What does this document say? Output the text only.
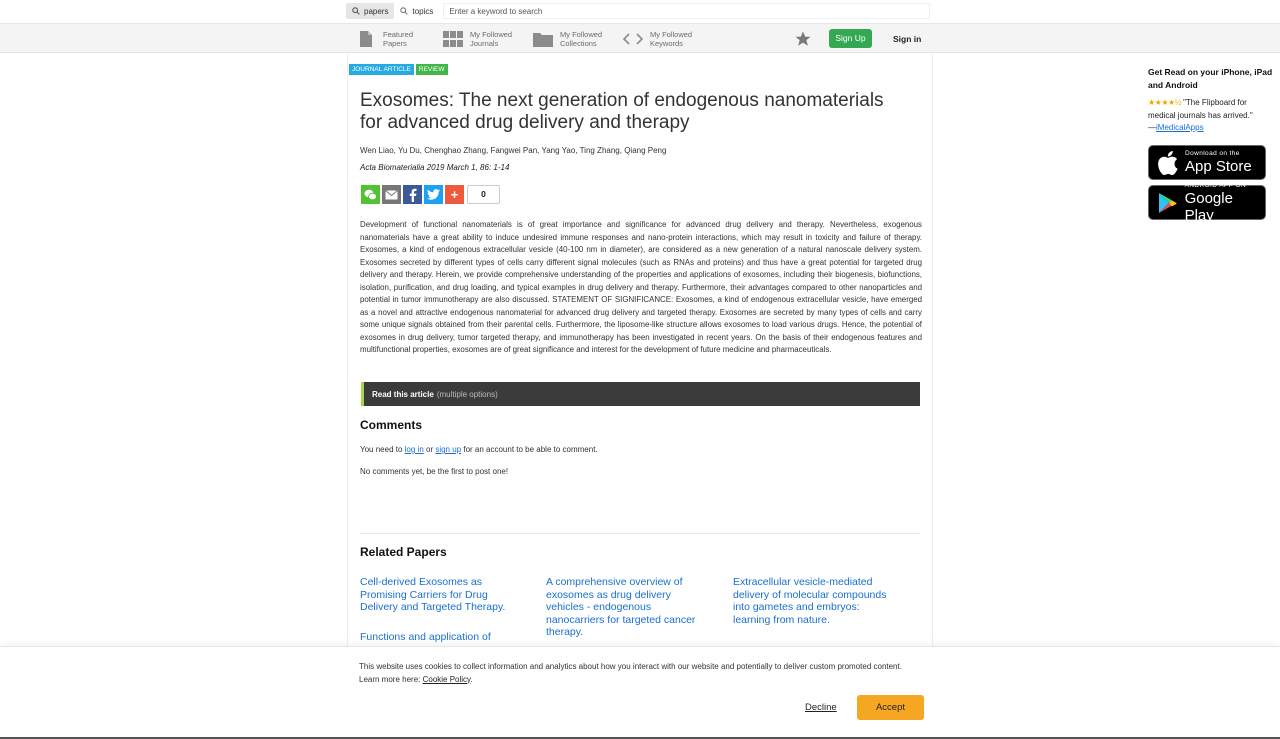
papers	topics
Enter a keyword to search
Featured
Papers
My Followed
Journals
My Followed
Collections
My Followed
Keywords
Sign Up	Sign in
JOURNAL ARTICLE	REVIEW
Exosomes: The next generation of endogenous nanomaterials for advanced drug delivery and therapy
Wen Liao, Yu Du, Chenghao Zhang, Fangwei Pan, Yang Yao, Ting Zhang, Qiang Peng
Acta Biomaterialia 2019 March 1, 86: 1-14
+	0

Development of functional nanomaterials is of great importance and significance for advanced drug delivery and therapy. Nevertheless, exogenous nanomaterials have a great ability to induce undesired immune responses and nano-protein interactions, which may result in toxicity and failure of therapy. Exosomes, a kind of endogenous extracellular vesicle (40-100 nm in diameter), are considered as a new generation of a natural nanoscale delivery system. Exosomes secreted by different types of cells carry different signal molecules (such as RNAs and proteins) and thus have a great potential for targeted drug delivery and therapy. Herein, we provide comprehensive understanding of the properties and applications of exosomes, including their biogenesis, biofunctions, isolation, purification, and drug loading, and typical examples in drug delivery and therapy. Furthermore, their advantages compared to other nanoparticles and potential in tumor immunotherapy are also discussed. STATEMENT OF SIGNIFICANCE: Exosomes, a kind of endogenous extracellular vesicle, have emerged as a novel and attractive endogenous nanomaterial for advanced drug delivery and targeted therapy. Exosomes are secreted by many types of cells and carry some unique signals obtained from their parental cells. Furthermore, the liposome-like structure allows exosomes to load various drugs. Hence, the potential of exosomes in drug delivery, tumor targeted therapy, and immunotherapy has been investigated in recent years. On the basis of their endogenous features and multifunctional properties, exosomes are of great significance and interest for the development of future medicine and pharmaceuticals.

Read this article (multiple options)
Comments
You need to log in or sign up for an account to be able to comment.
No comments yet, be the first to post one!
Related Papers
Cell-derived Exosomes as Promising Carriers for Drug Delivery and Targeted Therapy.
A comprehensive overview of exosomes as drug delivery vehicles - endogenous nanocarriers for targeted cancer therapy.
Extracellular vesicle-mediated delivery of molecular compounds into gametes and embryos: learning from nature.
Functions and application of
Get Read on your iPhone, iPad and Android
★★★★½ "The Flipboard for medical journals has arrived."
—iMedicalApps
Download on the
App Store
ANDROID APP ON
Google Play
This website uses cookies to collect information and analytics about how you interact with our website and potentially to deliver custom promoted content. Learn more here: Cookie Policy.
Decline	Accept
